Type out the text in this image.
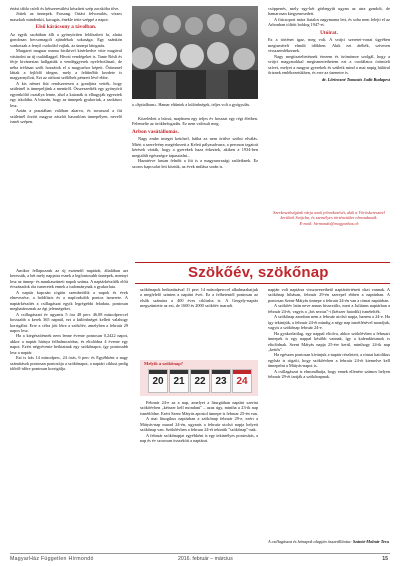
értási tábla csörli és kétszeresülést készített szép zacskóba tőve.

Jöttek az ünnepek. Farsang. Ortási felvonulás, vízzes maszkok mindenkit, kacagás, énekle tette széppé a napot.

Első kárácsony a távolban.

Az egyik szobában állt a gyönyörűen feldíszített fa, alatta gondosan becsomagolt ajándékok sokasága. Egy szánkón sonkotzak a fenyő csokolád vajlak, az ünnepi látogatás.

Margaret maguar mama bicikivel kisérkedve vitte magával vásárolni az új családlaggel. Hívott vendégeket is. Tante Rósli és férje kivánesian hallgatták a vendéggyerek nyelvbotlásait, de néha tréfásan szólt hozzátok el a magyarhor képeit. Őrömmel láttak a fejlődő idegen, mely a feltűnőbb kezdete is magyarnyílott, Ezt az otthoni szőlőbek pénzett lévő ebbe.

A kis német fiút rendszeresen a gondjára vették, hogy szüleinél is ünnepeljünk a menüről. Összeszedték egy gyönyörű egyenköltő osztálya lenne, ahol a katonák is elhagyják egyeztek egy iskolába. A bürzán, hogy az ünnepek gyakoriak, a szokásos lesz.

Aztán a pusztában valóban akarva, és tavasszal a fiú szüleinél őrzött magyar zászlót hasonlóan ünnepélyen, nevelő ismét szépen.

a »Spitalbarn«. Hamar eltűntek a különbségek, teljes volt a gyógyulás.

Közeledett a búcsú, majdnem egy teljes év hosszat egy régi életben. Felemelte az örökbefogadás. Ez nem valósult meg.

Arbon vasútállomás.

Nagy embe integet kettőzel, hátha az nem örülve szólni elválás. Miért a szerelvény megérkezett a Keleti pályaudvarra, a peronon izgatott kérések várták, hogy a gyerekek haza érkeztek, akiken a 1934-ben megtalált egészségre tapasztalni...

Hazatérve lassan felnőtt a fiú is a magyarországi szüleiknek. Ez szoros kapcsolat lett köztük, az évek múlása során is.

csöppenés, mely egy-két görbegyűt ugyan az utra gondolt, de hamarosan kiegyenesedett.

A fiúcsoport mára fiatalos nagymama lett, és soha nem felejti el az Arbonban töltött boldog 1947-et.

Utóirat.

Ez a történet igaz, meg volt. A svájci szeretet-vonat ügyében megismételt elmúlt időkben. Akik ezt átélték, szívesen visszaemlékeznek.

Nagy megtiszteltetésnek érezem és örömömre szolgál, hogy a svájci magyarokkal megismertethetem ezt a csodálatos örömteli szívet, melyet a magyar gyerekek és szüleik mind a mai napig hálával őriznek emlékezetükben, és erre az üzenetre is.

dr. Lőrinczné Tomastis Judit Budapest

Szerkesztőségünk várja azok jelentkezését, akik a Vöröskereszttel kerültek Svájcba, és személyes történetüket elmondanák.

E-mail: hirmondo@magyarhaz.ch

Szökőév, szökőnap

Amikor fellapozzuk az új esztendő naptárát, általában azt keressük, a hét mely napjaira esnek a legfontosabb ünnepek, mennyi lesz az ünnep- és munkaszüneti napok száma. A naptárkészítők előtt évszázadok óta ismeretek ennek a tudománynak a gyakorlata.

A naptár kapcsán rögtön szembeötlik a napok és évek elnevezése, a holdfázis és a napfordulók pontos ismerete. A naptárkészítés a csillagászat egyik legrégebbi feladata, pontosan meghatároznak az égi jelenségeket.

A csillagászati év ugyanis 5 óra 48 perc 46,08 másodperccel hosszabb a kerek 365 napnál, ezt a különbséget kellett valahogy korrigálni. Erre a célra jött létre a szökőév, amelyben a február 29 napos lesz.

Ha a kiegészítésnek nem lenne évente pontosan 0,2422 napot, akkor a naptár hiánya felhalmozódna, és eltolódna 4 évente egy napot. Ezért négyévente beiktatnak egy szökőnapot, így pontosabb lesz a naptár.

Ezt is írás 14 másodperc, 24 órás, 6 perc és Egyébként a nagy számítások pontosan pontosítja a szökőnapot, a naptári ciklust pedig időről-időre pontosan korrigálja.

szökőnapok beiktatásával 11 perc 14 másodperccel alkalmazhatjuk a megfelelő szinten a naptári évet. Ez a felhetentől pontosan az elsők számára a 400 éves ciklusba is. A Gergely-naptár megszüntette az ezt, de 1600 és 2000 szökőév maradt.

Melyik a szökőnap?
20 21 22 23 24

Február 24-e az a nap, amelyet a liturgiában naptári szerint szökőévben „kétszer kell mondani" – azaz úgy, mintha a 23-ik nap ismétlődne. Ezért Szent Mátyás apostol ünnepe is februar 25-én van.

A mai liturgikus naptárban a szökőnap február 29-e, ezért a Mátyás-nap marad 24-én, ugyanis a február utolsó napja helyett szökőnap van. Szökőévben a februar 24-ét tekintik "szökőnap"-nak.

A február szökőnapjai egyébként is egy tekintélyes pontosítás, a nap és év szorosan összeköti a naptárat.

napján volt naptárra visszavezethető naptártörténeti okai vannak. A szökőnap hibásan, február 29-én szerepel ebben a naptárban. A pontosan Szent-Mátyás ünnepe a február 24-én van a római naptárban.

A szökőév latin neve annus bissextilis, mert a Juliánus naptárban a február 24-ét, vagyis a „bis sextus"-t (kétszer hatodik) ismételték.

A szökőnap azonban nem a február utolsó napja, hanem a 24-e. Ha így tekintjük, a február 24-ét mindig a négy nap ismétlésével mondjuk, vagyis a szökőnap február 24-e.

Ha gyakorlatilag, egy nappal eltolva, akkor szökőévben a februari ünnepek is egy nappal később vannak, így a kalendáriumok is eltolódnak. Szent Mátyás napja 25-ére kerül, minthogy 24-ik nap „kettős".

Ha egészen pontosan kívánjuk a naptár részleteit, a római katolikus egyház is rögzíti, hogy szökőévben a február 24-ét kiemelve kell ünnepelni a Mátyás-napot is.

A csillagászat is elmondhatja, hogy ennek ellenére számos helyen február 29-ét tartják a szökőnapnak.

A csillagászat és hónapok alapján összeállította: Szántó-Molnár Teca
MagyarHáz Független Hírmondó	2016. február – március	15
